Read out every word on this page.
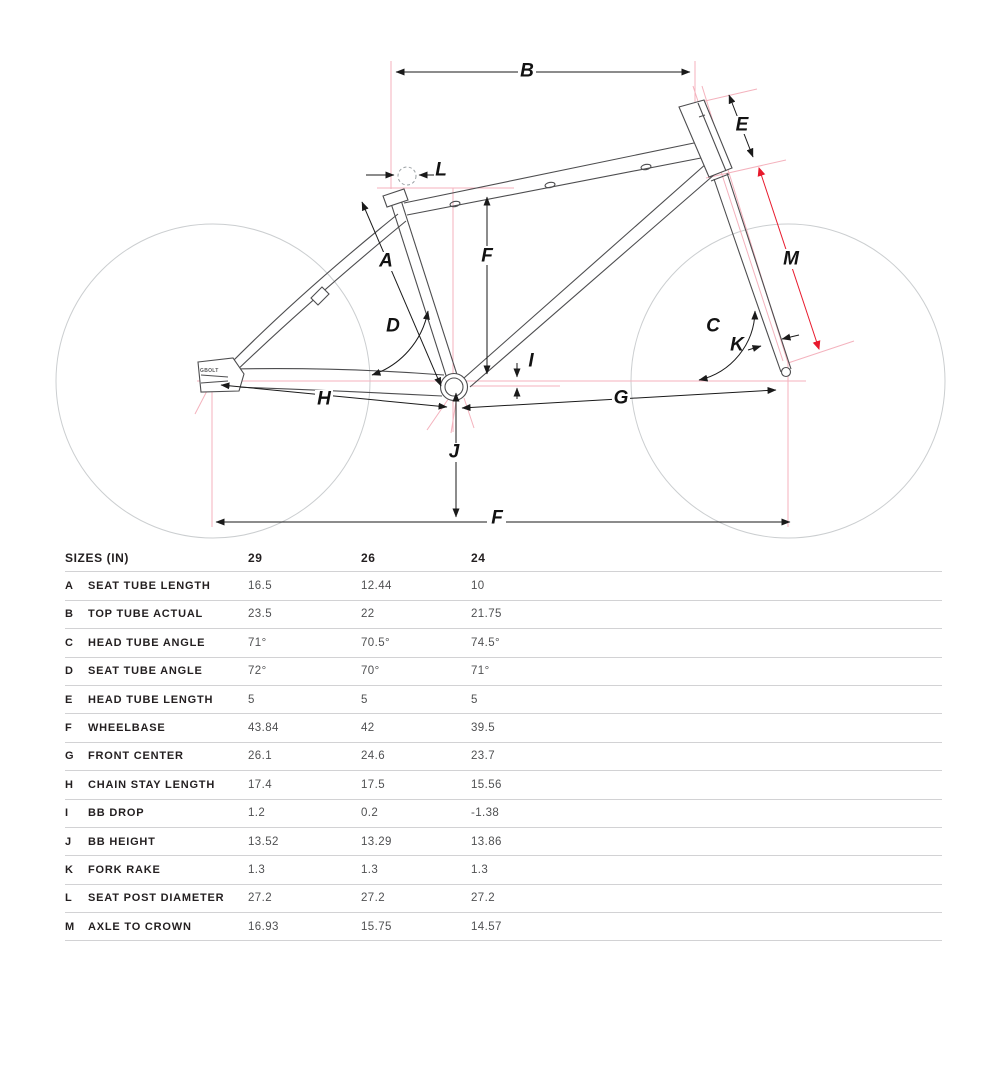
GBOLT
B
L
E
A	F
D
I
C
K
G
H
J
F
M
SIZES (IN)		29	26	24
A	SEAT TUBE LENGTH	16.5	12.44	10
B	TOP TUBE ACTUAL	23.5	22	21.75
C	HEAD TUBE ANGLE	71°	70.5°	74.5°
D	SEAT TUBE ANGLE	72°	70°	71°
E	HEAD TUBE LENGTH	5	5	5
F	WHEELBASE	43.84	42	39.5
G	FRONT CENTER	26.1	24.6	23.7
H	CHAIN STAY LENGTH	17.4	17.5	15.56
I	BB DROP	1.2	0.2	-1.38
J	BB HEIGHT	13.52	13.29	13.86
K	FORK RAKE	1.3	1.3	1.3
L	SEAT POST DIAMETER	27.2	27.2	27.2
M	AXLE TO CROWN	16.93	15.75	14.57
